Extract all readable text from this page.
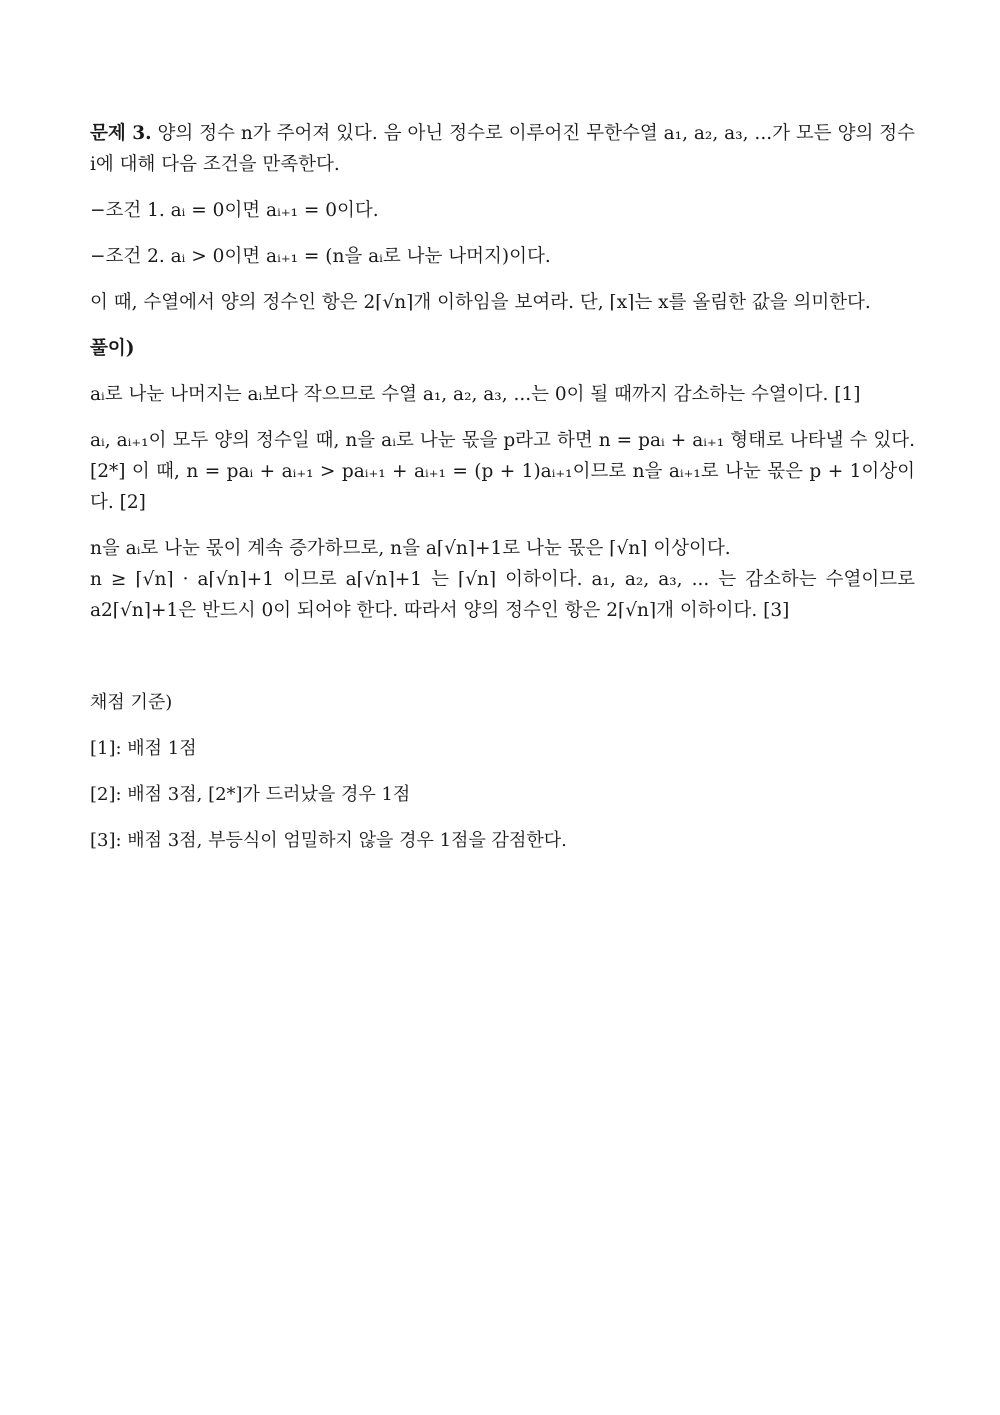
문제 3. 양의 정수 n가 주어져 있다. 음 아닌 정수로 이루어진 무한수열 a₁, a₂, a₃, ...가 모든 양의 정수 i에 대해 다음 조건을 만족한다.

−조건 1. aᵢ = 0이면 aᵢ₊₁ = 0이다.

−조건 2. aᵢ > 0이면 aᵢ₊₁ = (n을 aᵢ로 나눈 나머지)이다.

이 때, 수열에서 양의 정수인 항은 2⌈√n⌉개 이하임을 보여라. 단, ⌈x⌉는 x를 올림한 값을 의미한다.

풀이)

aᵢ로 나눈 나머지는 aᵢ보다 작으므로 수열 a₁, a₂, a₃, ...는 0이 될 때까지 감소하는 수열이다. [1]

aᵢ, aᵢ₊₁이 모두 양의 정수일 때, n을 aᵢ로 나눈 몫을 p라고 하면 n = paᵢ + aᵢ₊₁ 형태로 나타낼 수 있다. [2*] 이 때, n = paᵢ + aᵢ₊₁ > paᵢ₊₁ + aᵢ₊₁ = (p + 1)aᵢ₊₁이므로 n을 aᵢ₊₁로 나눈 몫은 p + 1이상이다. [2]

n을 aᵢ로 나눈 몫이 계속 증가하므로, n을 a⌈√n⌉+1로 나눈 몫은 ⌈√n⌉ 이상이다.

n ≥ ⌈√n⌉ · a⌈√n⌉+1 이므로 a⌈√n⌉+1 는 ⌈√n⌉ 이하이다. a₁, a₂, a₃, ... 는 감소하는 수열이므로 a2⌈√n⌉+1은 반드시 0이 되어야 한다. 따라서 양의 정수인 항은 2⌈√n⌉개 이하이다. [3]

채점 기준)

[1]: 배점 1점

[2]: 배점 3점, [2*]가 드러났을 경우 1점

[3]: 배점 3점, 부등식이 엄밀하지 않을 경우 1점을 감점한다.
